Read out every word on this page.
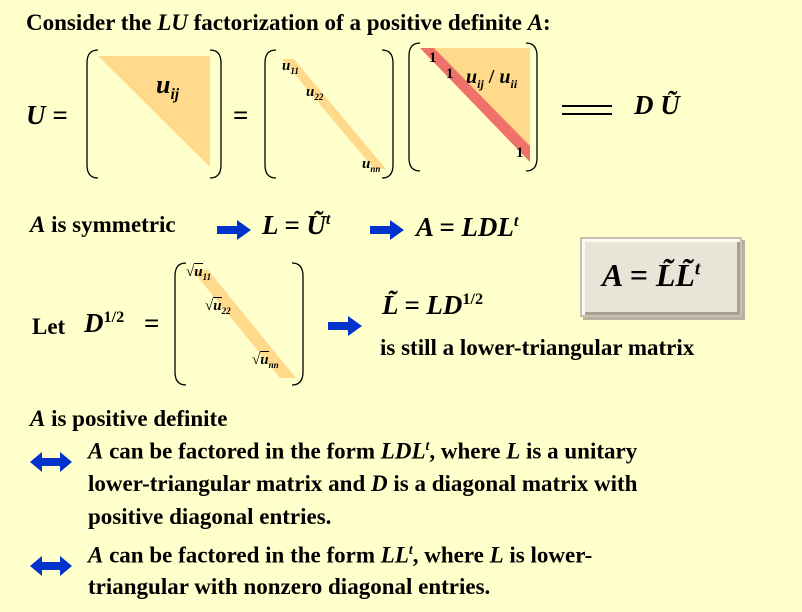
Consider the LU factorization of a positive definite A:
U =
$u_{ij}$
=
$u_{11}$
$u_{22}$
$u_{nn}$
1
1 $u_{ij} / u_{ii}$
1
D Ũ
A is symmetric	$L = Ũ^t$	$A = LDL^t$
Let $D^{1/2}$ =
$√u_{11}$
$√u_{22}$
$√u_{nn}$
L̃ = $LD^{1/2}$
is still a lower-triangular matrix
A = L̃L̃$^t$
A is positive definite
A can be factored in the form LDL$^t$, where L is a unitary
lower-triangular matrix and D is a diagonal matrix with
positive diagonal entries.
A can be factored in the form $LL^t$, where L is lower-
triangular with nonzero diagonal entries.
